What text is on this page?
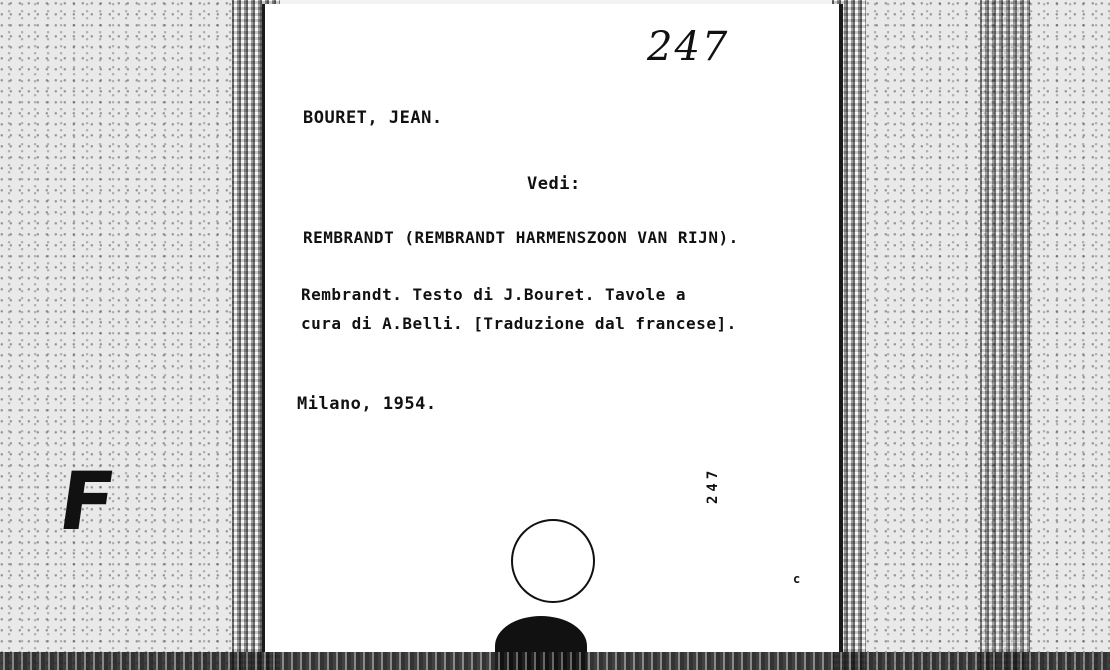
F
247
BOURET, JEAN.
Vedi:
REMBRANDT (REMBRANDT HARMENSZOON VAN RIJN).
Rembrandt. Testo di J.Bouret. Tavole a
cura di A.Belli. [Traduzione dal francese].
Milano, 1954.
247
c
